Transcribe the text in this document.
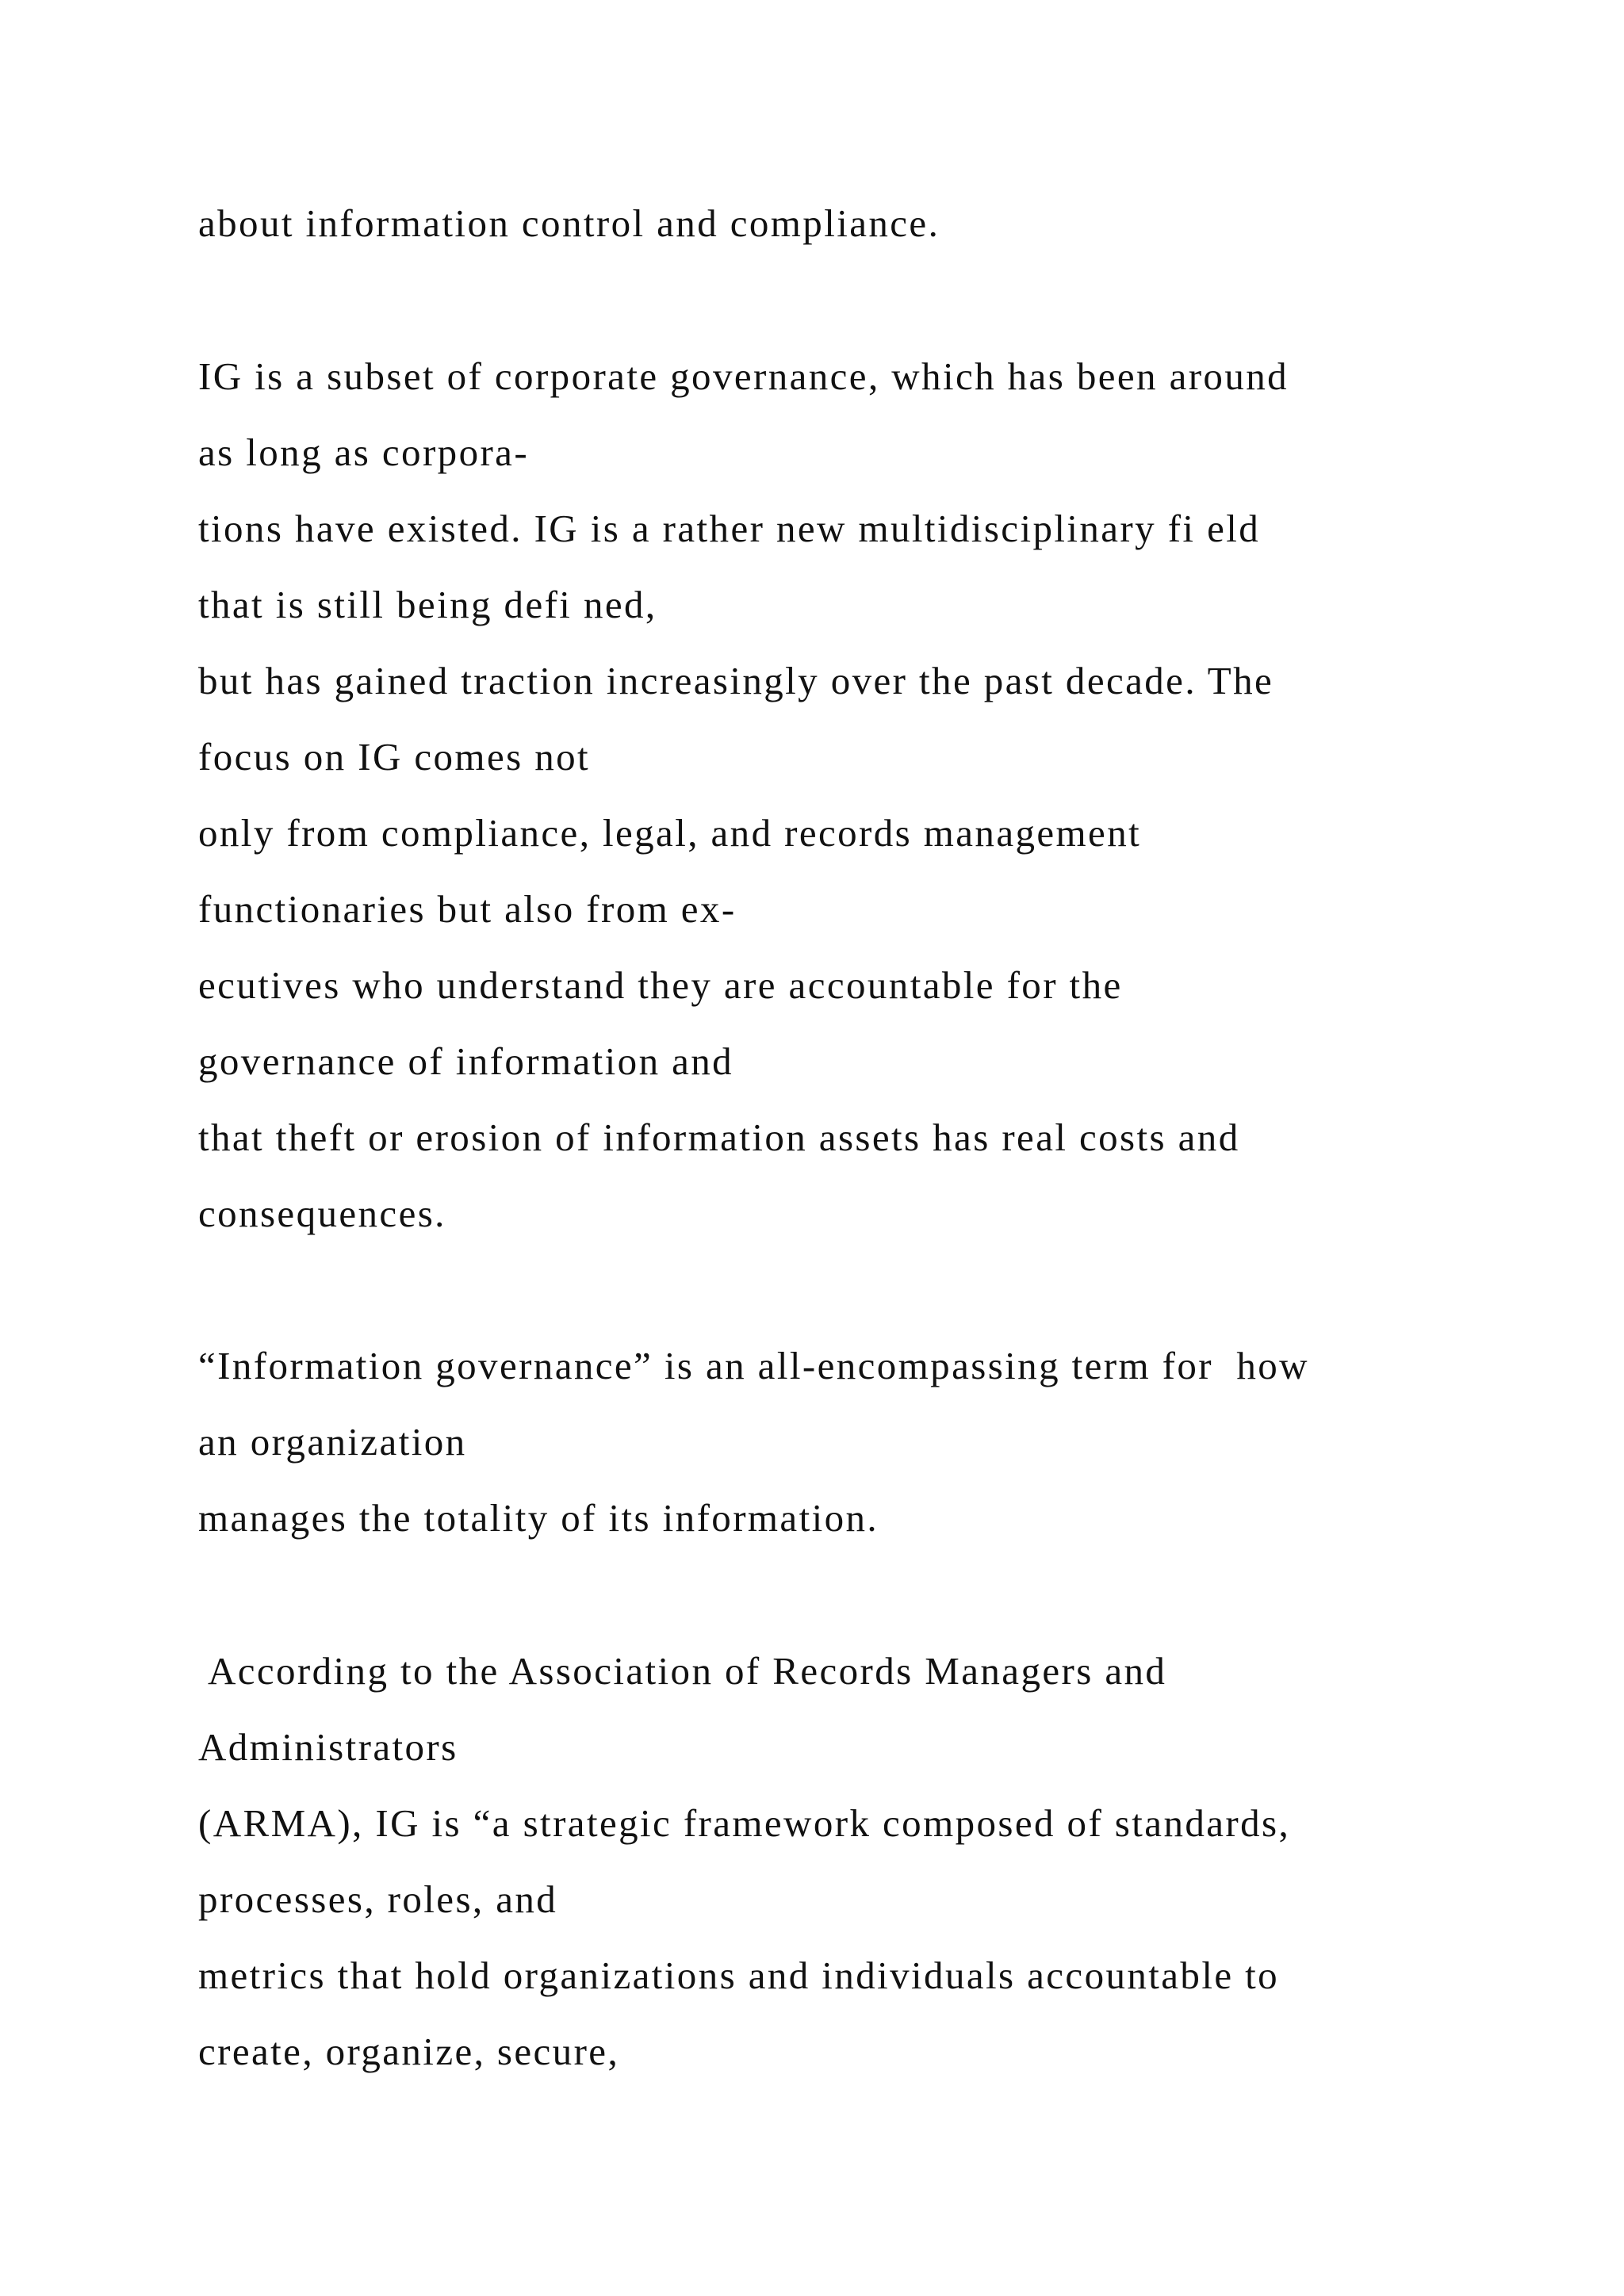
about information control and compliance.

IG is a subset of corporate governance, which has been around

as long as corpora-

tions have existed. IG is a rather new multidisciplinary fi eld

that is still being defi ned,

but has gained traction increasingly over the past decade. The

focus on IG comes not

only from compliance, legal, and records management

functionaries but also from ex-

ecutives who understand they are accountable for the

governance of information and

that theft or erosion of information assets has real costs and

consequences.

“Information governance” is an all-encompassing term for  how

an organization

manages the totality of its information.

According to the Association of Records Managers and

Administrators

(ARMA), IG is “a strategic framework composed of standards,

processes, roles, and

metrics that hold organizations and individuals accountable to

create, organize, secure,
